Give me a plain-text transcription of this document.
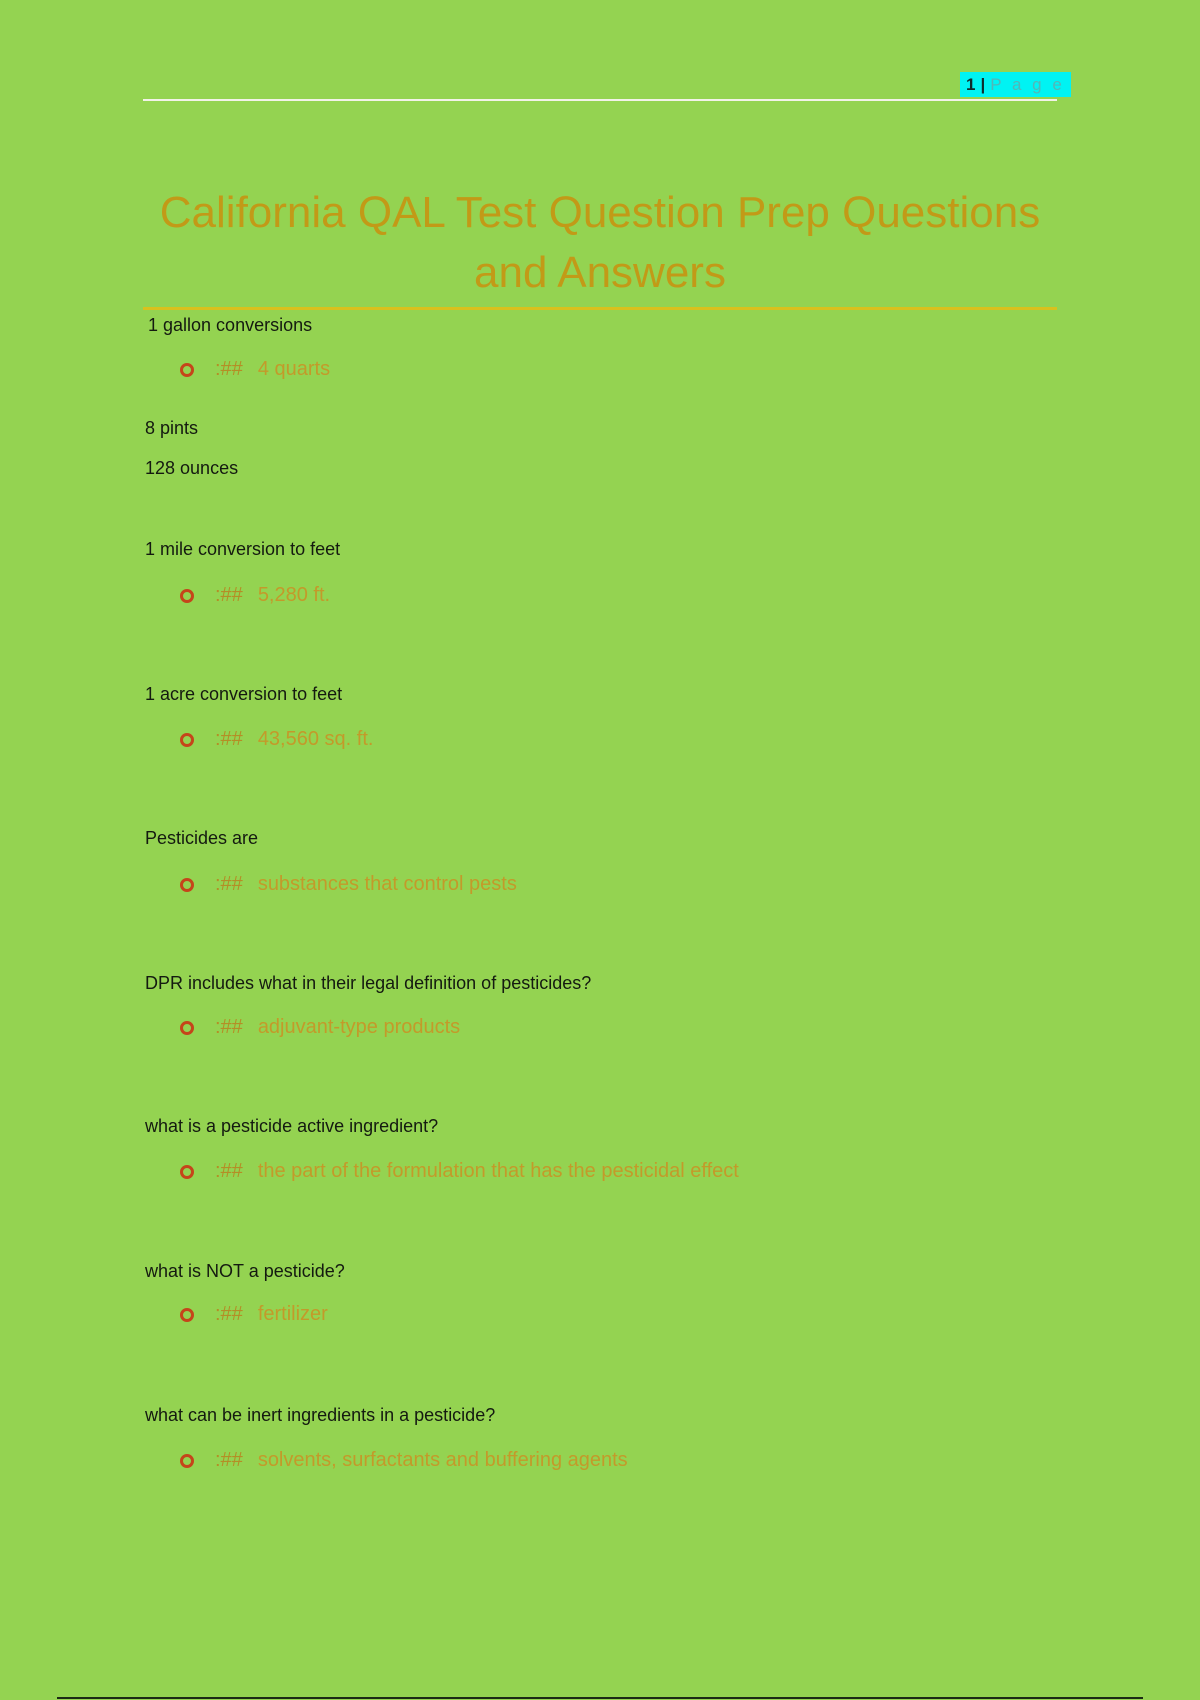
1 | P a g e
California QAL Test Question Prep Questions
and Answers
1 gallon conversions
:## 4 quarts
8 pints
128 ounces
1 mile conversion to feet
:## 5,280 ft.
1 acre conversion to feet
:## 43,560 sq. ft.
Pesticides are
:## substances that control pests
DPR includes what in their legal definition of pesticides?
:## adjuvant-type products
what is a pesticide active ingredient?
:## the part of the formulation that has the pesticidal effect
what is NOT a pesticide?
:## fertilizer
what can be inert ingredients in a pesticide?
:## solvents, surfactants and buffering agents
